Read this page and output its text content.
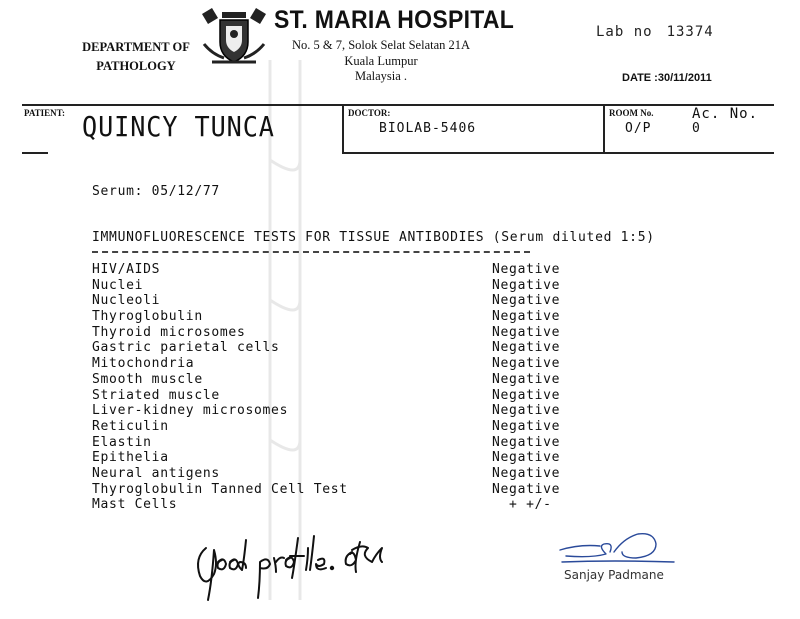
DEPARTMENT OF
PATHOLOGY
ST. MARIA HOSPITAL
No. 5 & 7, Solok Selat Selatan 21A
Kuala Lumpur
Malaysia .
Lab no 13374
DATE :30/11/2011
PATIENT: QUINCY TUNCA	DOCTOR:
BIOLAB-5406
ROOM No.
O/P
Ac. No.
0
Serum: 05/12/77
IMMUNOFLUORESCENCE TESTS FOR TISSUE ANTIBODIES (Serum diluted 1:5)
HIV/AIDS	Negative
Nuclei	Negative
Nucleoli	Negative
Thyroglobulin	Negative
Thyroid microsomes	Negative
Gastric parietal cells	Negative
Mitochondria	Negative
Smooth muscle	Negative
Striated muscle	Negative
Liver-kidney microsomes	Negative
Reticulin	Negative
Elastin	Negative
Epithelia	Negative
Neural antigens	Negative
Thyroglobulin Tanned Cell Test	Negative
Mast Cells	+ +/-
Sanjay Padmane
